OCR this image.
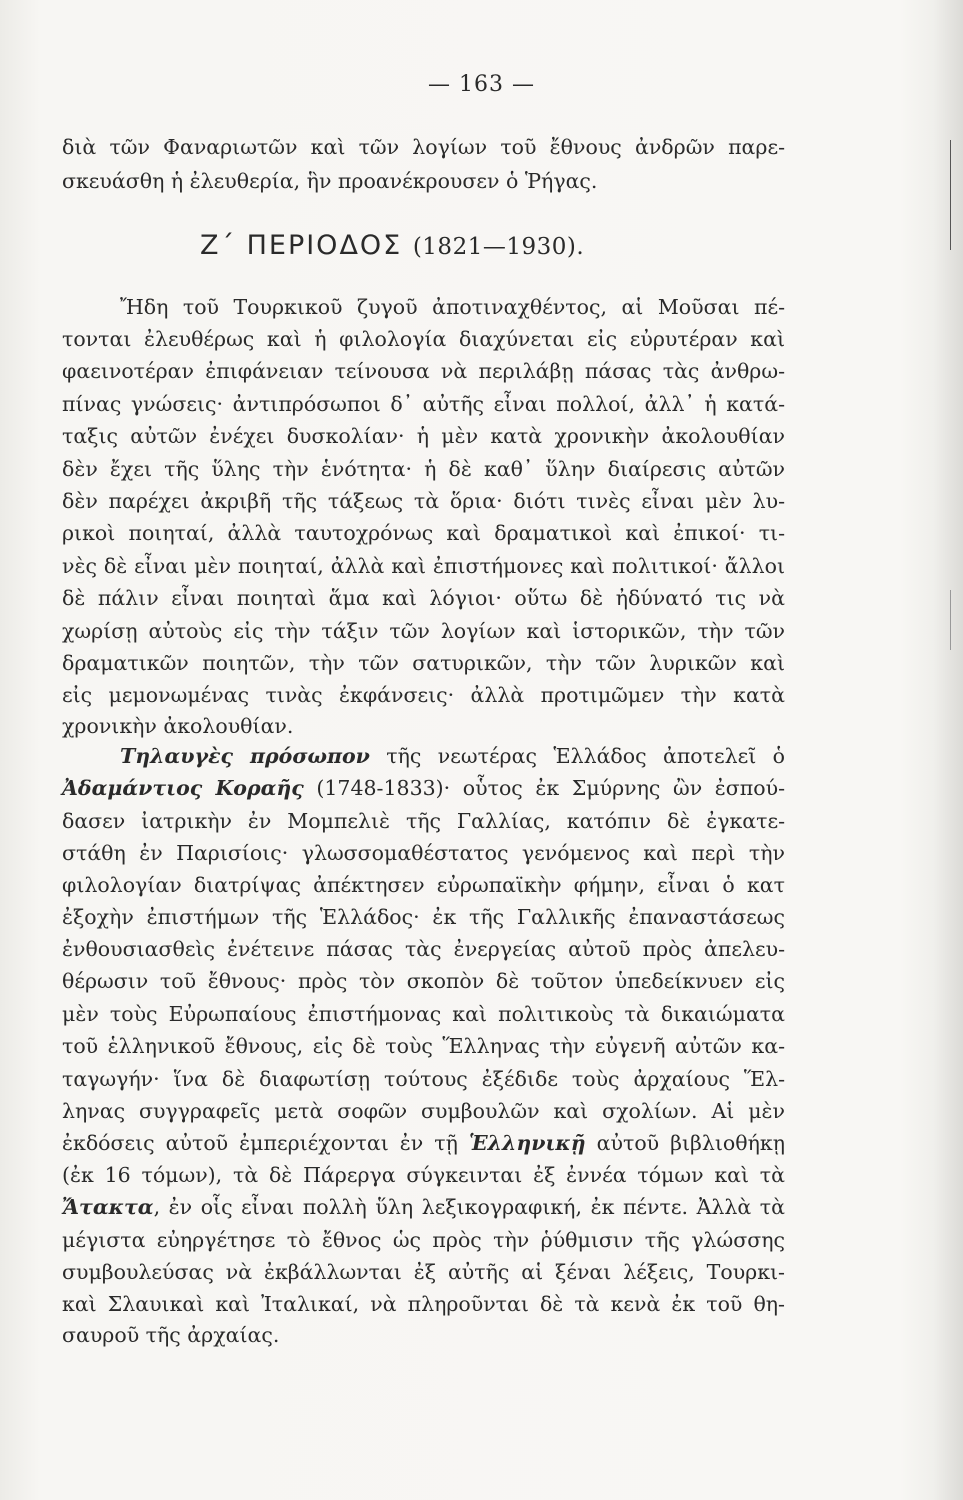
— 163 —
διὰ τῶν Φαναριωτῶν καὶ τῶν λογίων τοῦ ἔθνους ἀνδρῶν παρε-
σκευάσθη ἡ ἐλευθερία, ἣν προανέκρουσεν ὁ Ῥήγας.
Ζ΄ ΠΕΡΙΟΔΟΣ (1821—1930).
Ἤδη τοῦ Τουρκικοῦ ζυγοῦ ἀποτιναχθέντος, αἱ Μοῦσαι πέ-
τονται ἐλευθέρως καὶ ἡ φιλολογία διαχύνεται εἰς εὐρυτέραν καὶ
φαεινοτέραν ἐπιφάνειαν τείνουσα νὰ περιλάβῃ πάσας τὰς ἀνθρω-
πίνας γνώσεις· ἀντιπρόσωποι δ᾽ αὐτῆς εἶναι πολλοί, ἀλλ᾽ ἡ κατά-
ταξις αὐτῶν ἐνέχει δυσκολίαν· ἡ μὲν κατὰ χρονικὴν ἀκολουθίαν
δὲν ἔχει τῆς ὕλης τὴν ἑνότητα· ἡ δὲ καθ᾽ ὕλην διαίρεσις αὐτῶν
δὲν παρέχει ἀκριβῆ τῆς τάξεως τὰ ὅρια· διότι τινὲς εἶναι μὲν λυ-
ρικοὶ ποιηταί, ἀλλὰ ταυτοχρόνως καὶ δραματικοὶ καὶ ἐπικοί· τι-
νὲς δὲ εἶναι μὲν ποιηταί, ἀλλὰ καὶ ἐπιστήμονες καὶ πολιτικοί· ἄλλοι
δὲ πάλιν εἶναι ποιηταὶ ἅμα καὶ λόγιοι· οὕτω δὲ ἠδύνατό τις νὰ
χωρίσῃ αὐτοὺς εἰς τὴν τάξιν τῶν λογίων καὶ ἱστορικῶν, τὴν τῶν
δραματικῶν ποιητῶν, τὴν τῶν σατυρικῶν, τὴν τῶν λυρικῶν καὶ
εἰς μεμονωμένας τινὰς ἐκφάνσεις· ἀλλὰ προτιμῶμεν τὴν κατὰ
χρονικὴν ἀκολουθίαν.
Τηλαυγὲς πρόσωπον τῆς νεωτέρας Ἑλλάδος ἀποτελεῖ ὁ
Ἀδαμάντιος Κοραῆς (1748-1833)· οὗτος ἐκ Σμύρνης ὢν ἐσπού-
δασεν ἰατρικὴν ἐν Μομπελιὲ τῆς Γαλλίας, κατόπιν δὲ ἐγκατε-
στάθη ἐν Παρισίοις· γλωσσομαθέστατος γενόμενος καὶ περὶ τὴν
φιλολογίαν διατρίψας ἀπέκτησεν εὐρωπαϊκὴν φήμην, εἶναι ὁ κατ
ἐξοχὴν ἐπιστήμων τῆς Ἑλλάδος· ἐκ τῆς Γαλλικῆς ἐπαναστάσεως
ἐνθουσιασθεὶς ἐνέτεινε πάσας τὰς ἐνεργείας αὐτοῦ πρὸς ἀπελευ-
θέρωσιν τοῦ ἔθνους· πρὸς τὸν σκοπὸν δὲ τοῦτον ὑπεδείκνυεν εἰς
μὲν τοὺς Εὐρωπαίους ἐπιστήμονας καὶ πολιτικοὺς τὰ δικαιώματα
τοῦ ἑλληνικοῦ ἔθνους, εἰς δὲ τοὺς Ἕλληνας τὴν εὐγενῆ αὐτῶν κα-
ταγωγήν· ἵνα δὲ διαφωτίσῃ τούτους ἐξέδιδε τοὺς ἀρχαίους Ἕλ-
ληνας συγγραφεῖς μετὰ σοφῶν συμβουλῶν καὶ σχολίων. Αἱ μὲν
ἐκδόσεις αὐτοῦ ἐμπεριέχονται ἐν τῇ Ἑλληνικῇ αὐτοῦ βιβλιοθήκῃ
(ἐκ 16 τόμων), τὰ δὲ Πάρεργα σύγκεινται ἐξ ἐννέα τόμων καὶ τὰ
Ἄτακτα, ἐν οἷς εἶναι πολλὴ ὕλη λεξικογραφική, ἐκ πέντε. Ἀλλὰ τὰ
μέγιστα εὐηργέτησε τὸ ἔθνος ὡς πρὸς τὴν ῥύθμισιν τῆς γλώσσης
συμβουλεύσας νὰ ἐκβάλλωνται ἐξ αὐτῆς αἱ ξέναι λέξεις, Τουρκι-
καὶ Σλαυικαὶ καὶ Ἰταλικαί, νὰ πληροῦνται δὲ τὰ κενὰ ἐκ τοῦ θη-
σαυροῦ τῆς ἀρχαίας.
